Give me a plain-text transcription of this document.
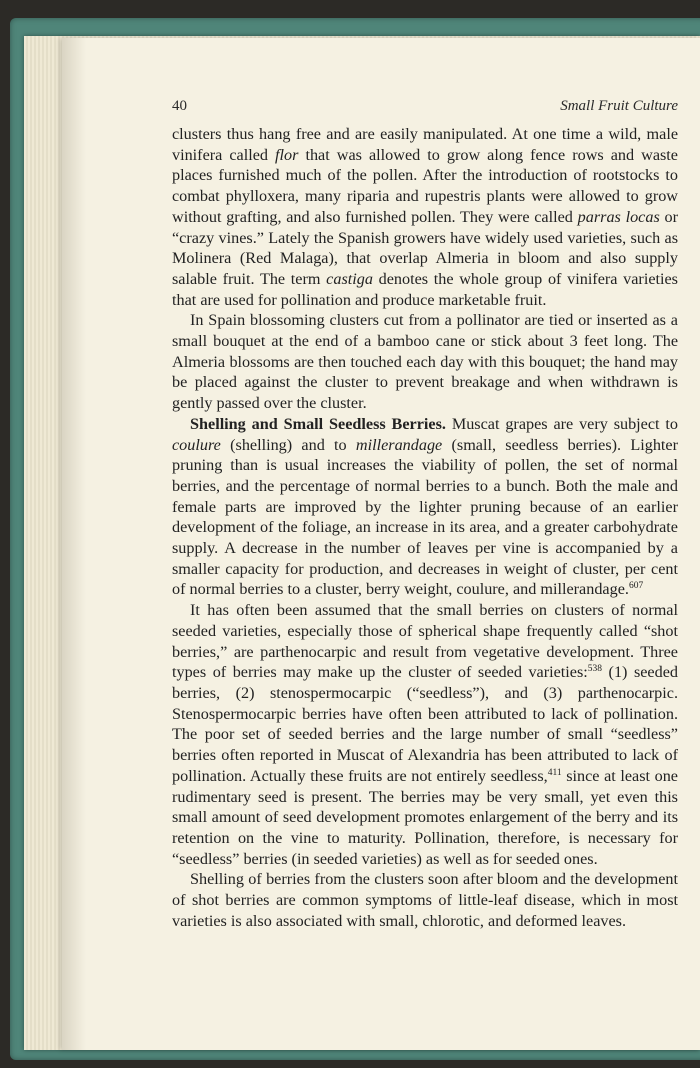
40	Small Fruit Culture

clusters thus hang free and are easily manipulated. At one time a wild, male vinifera called flor that was allowed to grow along fence rows and waste places furnished much of the pollen. After the introduction of rootstocks to combat phylloxera, many riparia and rupestris plants were allowed to grow without grafting, and also furnished pollen. They were called parras locas or “crazy vines.” Lately the Spanish growers have widely used varieties, such as Molinera (Red Malaga), that overlap Almeria in bloom and also supply salable fruit. The term castiga denotes the whole group of vinifera varieties that are used for pollination and produce marketable fruit.

In Spain blossoming clusters cut from a pollinator are tied or inserted as a small bouquet at the end of a bamboo cane or stick about 3 feet long. The Almeria blossoms are then touched each day with this bouquet; the hand may be placed against the cluster to prevent breakage and when withdrawn is gently passed over the cluster.

Shelling and Small Seedless Berries. Muscat grapes are very subject to coulure (shelling) and to millerandage (small, seedless berries). Lighter pruning than is usual increases the viability of pollen, the set of normal berries, and the percentage of normal berries to a bunch. Both the male and female parts are improved by the lighter pruning because of an earlier development of the foliage, an increase in its area, and a greater carbohydrate supply. A decrease in the number of leaves per vine is accompanied by a smaller capacity for production, and decreases in weight of cluster, per cent of normal berries to a cluster, berry weight, coulure, and millerandage.$^{607}$

It has often been assumed that the small berries on clusters of normal seeded varieties, especially those of spherical shape frequently called “shot berries,” are parthenocarpic and result from vegetative development. Three types of berries may make up the cluster of seeded varieties:$^{538}$ (1) seeded berries, (2) stenospermocarpic (“seedless”), and (3) parthenocarpic. Stenospermocarpic berries have often been attributed to lack of pollination. The poor set of seeded berries and the large number of small “seedless” berries often reported in Muscat of Alexandria has been attributed to lack of pollination. Actually these fruits are not entirely seedless,$^{411}$ since at least one rudimentary seed is present. The berries may be very small, yet even this small amount of seed development promotes enlargement of the berry and its retention on the vine to maturity. Pollination, therefore, is necessary for “seedless” berries (in seeded varieties) as well as for seeded ones.

Shelling of berries from the clusters soon after bloom and the development of shot berries are common symptoms of little-leaf disease, which in most varieties is also associated with small, chlorotic, and deformed leaves.
